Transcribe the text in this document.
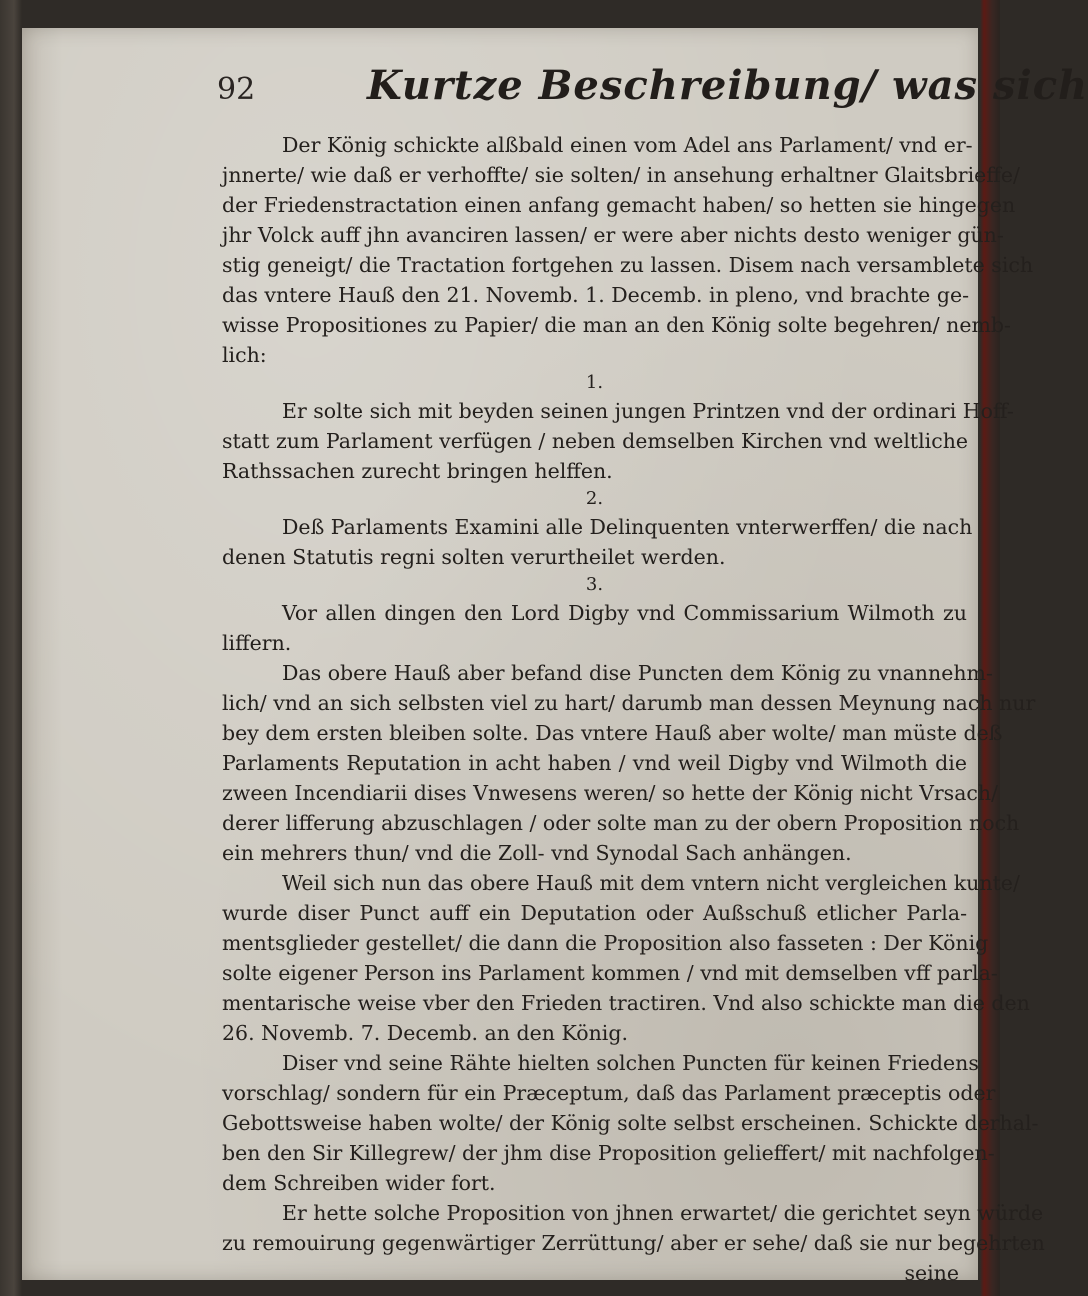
92	Kurtze Beschreibung/ was sich
Der König schickte alßbald einen vom Adel ans Parlament/ vnd er-
jnnerte/ wie daß er verhoffte/ sie solten/ in ansehung erhaltner Glaitsbrieffe/
der Friedenstractation einen anfang gemacht haben/ so hetten sie hingegen
jhr Volck auff jhn avanciren lassen/ er were aber nichts desto weniger gün-
stig geneigt/ die Tractation fortgehen zu lassen. Disem nach versamblete sich
das vntere Hauß den 21. Novemb. 1. Decemb. in pleno, vnd brachte ge-
wisse Propositiones zu Papier/ die man an den König solte begehren/ nemb-
lich:
1.
Er solte sich mit beyden seinen jungen Printzen vnd der ordinari Hoff-
statt zum Parlament verfügen / neben demselben Kirchen vnd weltliche
Rathssachen zurecht bringen helffen.
2.
Deß Parlaments Examini alle Delinquenten vnterwerffen/ die nach
denen Statutis regni solten verurtheilet werden.
3.
Vor allen dingen den Lord Digby vnd Commissarium Wilmoth zu
liffern.
Das obere Hauß aber befand dise Puncten dem König zu vnannehm-
lich/ vnd an sich selbsten viel zu hart/ darumb man dessen Meynung nach nur
bey dem ersten bleiben solte. Das vntere Hauß aber wolte/ man müste deß
Parlaments Reputation in acht haben / vnd weil Digby vnd Wilmoth die
zween Incendiarii dises Vnwesens weren/ so hette der König nicht Vrsach/
derer lifferung abzuschlagen / oder solte man zu der obern Proposition noch
ein mehrers thun/ vnd die Zoll- vnd Synodal Sach anhängen.
Weil sich nun das obere Hauß mit dem vntern nicht vergleichen kunte/
wurde diser Punct auff ein Deputation oder Außschuß etlicher Parla-
mentsglieder gestellet/ die dann die Proposition also fasseten : Der König
solte eigener Person ins Parlament kommen / vnd mit demselben vff parla-
mentarische weise vber den Frieden tractiren. Vnd also schickte man die den
26. Novemb. 7. Decemb. an den König.
Diser vnd seine Rähte hielten solchen Puncten für keinen Friedens
vorschlag/ sondern für ein Præceptum, daß das Parlament præceptis oder
Gebottsweise haben wolte/ der König solte selbst erscheinen. Schickte derhal-
ben den Sir Killegrew/ der jhm dise Proposition gelieffert/ mit nachfolgen-
dem Schreiben wider fort.
Er hette solche Proposition von jhnen erwartet/ die gerichtet seyn würde
zu remouirung gegenwärtiger Zerrüttung/ aber er sehe/ daß sie nur begehrten
seine
